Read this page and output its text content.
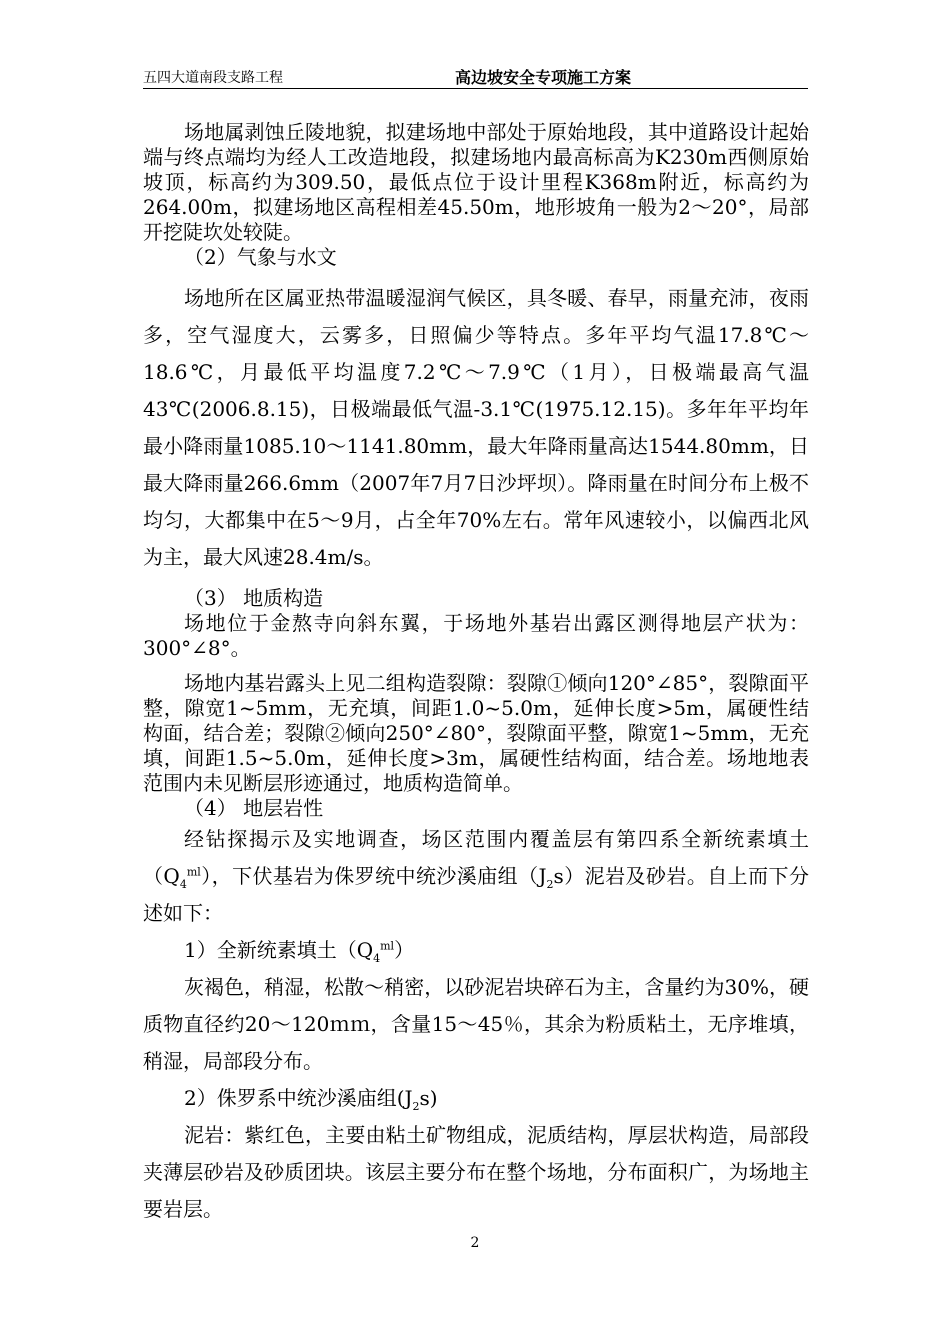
五四大道南段支路工程	高边坡安全专项施工方案

场地属剥蚀丘陵地貌，拟建场地中部处于原始地段，其中道路设计起始端与终点端均为经人工改造地段，拟建场地内最高标高为K230m西侧原始坡顶，标高约为309.50，最低点位于设计里程K368m附近，标高约为264.00m，拟建场地区高程相差45.50m，地形坡角一般为2～20°，局部开挖陡坎处较陡。

（2）气象与水文

场地所在区属亚热带温暖湿润气候区，具冬暖、春早，雨量充沛，夜雨多，空气湿度大，云雾多，日照偏少等特点。多年平均气温17.8℃～18.6℃，月最低平均温度7.2℃～7.9℃（1月），日极端最高气温43℃(2006.8.15)，日极端最低气温-3.1℃(1975.12.15)。多年年平均年最小降雨量1085.10～1141.80mm，最大年降雨量高达1544.80mm，日最大降雨量266.6mm（2007年7月7日沙坪坝）。降雨量在时间分布上极不均匀，大都集中在5～9月，占全年70%左右。常年风速较小，以偏西北风为主，最大风速28.4m/s。

（3） 地质构造

场地位于金熬寺向斜东翼，于场地外基岩出露区测得地层产状为：300°∠8°。

场地内基岩露头上见二组构造裂隙：裂隙①倾向120°∠85°，裂隙面平整，隙宽1~5mm，无充填，间距1.0~5.0m，延伸长度>5m，属硬性结构面，结合差；裂隙②倾向250°∠80°，裂隙面平整，隙宽1~5mm，无充填，间距1.5~5.0m，延伸长度>3m，属硬性结构面，结合差。场地地表范围内未见断层形迹通过，地质构造简单。

（4） 地层岩性

经钻探揭示及实地调查，场区范围内覆盖层有第四系全新统素填土$(Q_4^{ml})$，下伏基岩为侏罗统中统沙溪庙组$(J_2s)$泥岩及砂岩。自上而下分述如下：

1）全新统素填土$(Q_4^{ml})$

灰褐色，稍湿，松散～稍密，以砂泥岩块碎石为主，含量约为30%，硬质物直径约20～120ｍｍ，含量15～45％，其余为粉质粘土，无序堆填，稍湿，局部段分布。

2）侏罗系中统沙溪庙组$(J_2s)$

泥岩：紫红色，主要由粘土矿物组成，泥质结构，厚层状构造，局部段夹薄层砂岩及砂质团块。该层主要分布在整个场地，分布面积广，为场地主要岩层。

2
